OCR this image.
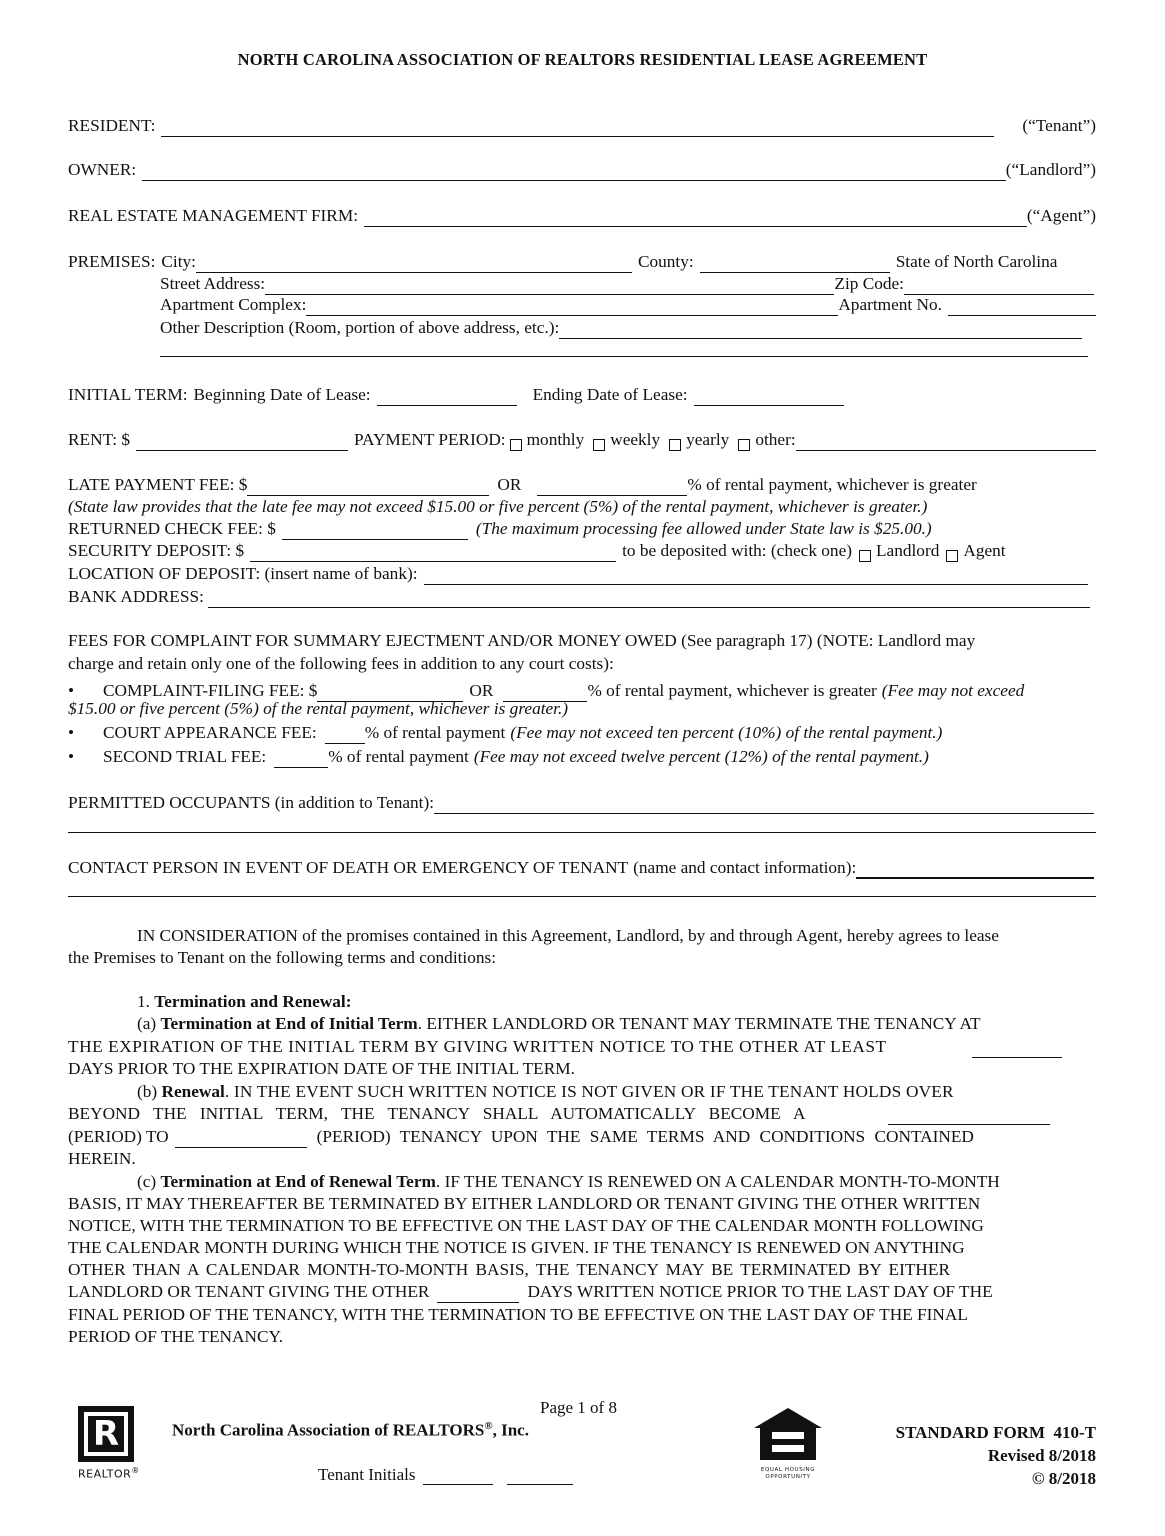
NORTH CAROLINA ASSOCIATION OF REALTORS RESIDENTIAL LEASE AGREEMENT
RESIDENT:	(“Tenant”)
OWNER:	(“Landlord”)
REAL ESTATE MANAGEMENT FIRM:	(“Agent”)
PREMISES: City:	County:	State of North Carolina
Street Address:	Zip Code:
Apartment Complex:	Apartment No.
Other Description (Room, portion of above address, etc.):
INITIAL TERM: Beginning Date of Lease:	Ending Date of Lease:
RENT: $	PAYMENT PERIOD: monthly weekly yearly other:
LATE PAYMENT FEE: $	OR	% of rental payment, whichever is greater
(State law provides that the late fee may not exceed $15.00 or five percent (5%) of the rental payment, whichever is greater.)
RETURNED CHECK FEE: $	(The maximum processing fee allowed under State law is $25.00.)
SECURITY DEPOSIT: $	to be deposited with: (check one) Landlord Agent
LOCATION OF DEPOSIT: (insert name of bank):
BANK ADDRESS:
FEES FOR COMPLAINT FOR SUMMARY EJECTMENT AND/OR MONEY OWED (See paragraph 17) (NOTE: Landlord may
charge and retain only one of the following fees in addition to any court costs):
•
COMPLAINT-FILING FEE: $	OR	% of rental payment, whichever is greater (Fee may not exceed
$15.00 or five percent (5%) of the rental payment, whichever is greater.)
•
COURT APPEARANCE FEE:	% of rental payment (Fee may not exceed ten percent (10%) of the rental payment.)
•
SECOND TRIAL FEE:	% of rental payment (Fee may not exceed twelve percent (12%) of the rental payment.)
PERMITTED OCCUPANTS (in addition to Tenant):
CONTACT PERSON IN EVENT OF DEATH OR EMERGENCY OF TENANT (name and contact information):
IN CONSIDERATION of the promises contained in this Agreement, Landlord, by and through Agent, hereby agrees to lease
the Premises to Tenant on the following terms and conditions:
1. Termination and Renewal:
(a) Termination at End of Initial Term. EITHER LANDLORD OR TENANT MAY TERMINATE THE TENANCY AT
THE EXPIRATION OF THE INITIAL TERM BY GIVING WRITTEN NOTICE TO THE OTHER AT LEAST
DAYS PRIOR TO THE EXPIRATION DATE OF THE INITIAL TERM.
(b) Renewal. IN THE EVENT SUCH WRITTEN NOTICE IS NOT GIVEN OR IF THE TENANT HOLDS OVER
BEYOND THE INITIAL TERM, THE TENANCY SHALL AUTOMATICALLY BECOME A
(PERIOD) TO	(PERIOD) TENANCY UPON THE SAME TERMS AND CONDITIONS CONTAINED
HEREIN.
(c) Termination at End of Renewal Term. IF THE TENANCY IS RENEWED ON A CALENDAR MONTH-TO-MONTH
BASIS, IT MAY THEREAFTER BE TERMINATED BY EITHER LANDLORD OR TENANT GIVING THE OTHER WRITTEN
NOTICE, WITH THE TERMINATION TO BE EFFECTIVE ON THE LAST DAY OF THE CALENDAR MONTH FOLLOWING
THE CALENDAR MONTH DURING WHICH THE NOTICE IS GIVEN. IF THE TENANCY IS RENEWED ON ANYTHING
OTHER THAN A CALENDAR MONTH-TO-MONTH BASIS, THE TENANCY MAY BE TERMINATED BY EITHER
LANDLORD OR TENANT GIVING THE OTHER	DAYS WRITTEN NOTICE PRIOR TO THE LAST DAY OF THE
FINAL PERIOD OF THE TENANCY, WITH THE TERMINATION TO BE EFFECTIVE ON THE LAST DAY OF THE FINAL
PERIOD OF THE TENANCY.
Page 1 of 8
R
REALTOR®
North Carolina Association of REALTORS®, Inc.
Tenant Initials	EQUAL HOUSING
OPPORTUNITY
STANDARD FORM  410-T
Revised 8/2018
© 8/2018
